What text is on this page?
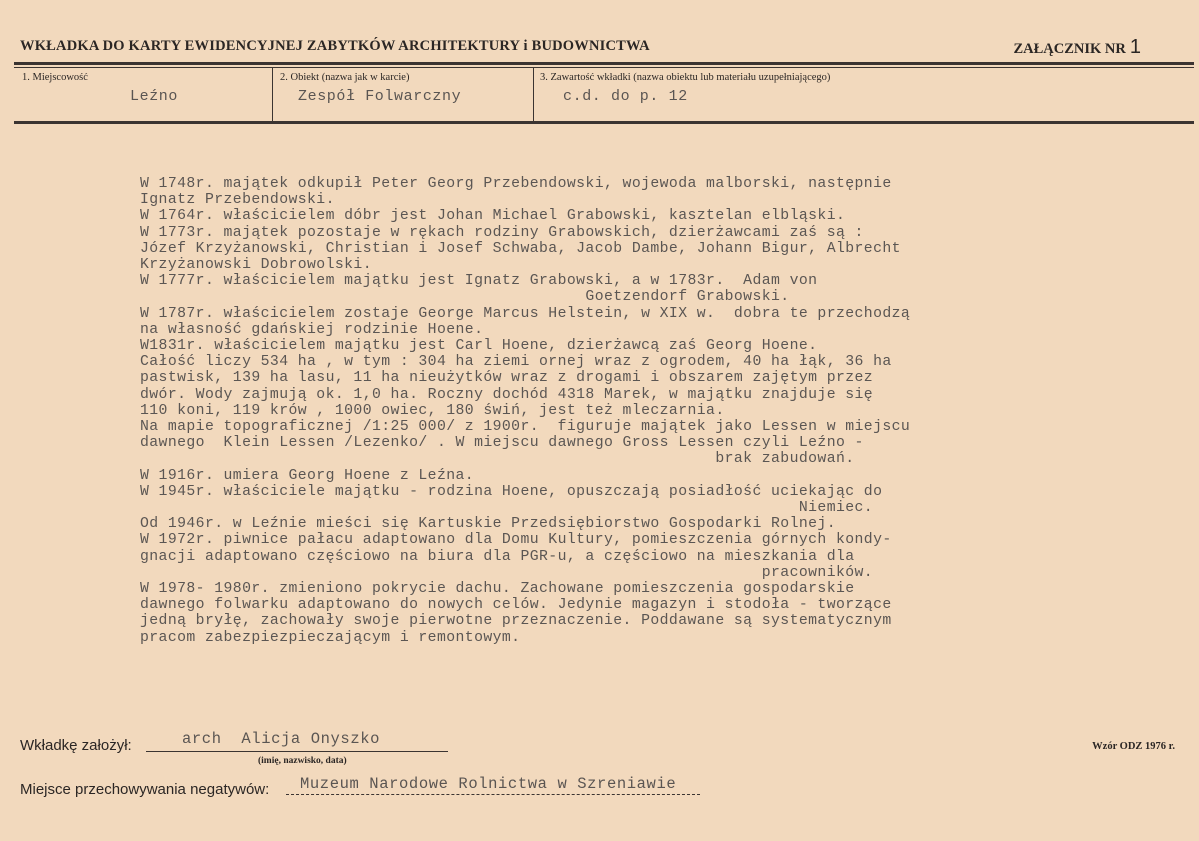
WKŁADKA DO KARTY EWIDENCYJNEJ ZABYTKÓW ARCHITEKTURY i BUDOWNICTWA	ZAŁĄCZNIK NR 1
1. Miejscowość
Leźno
2. Obiekt (nazwa jak w karcie)
Zespół Folwarczny
3. Zawartość wkładki (nazwa obiektu lub materiału uzupełniającego)
c.d. do p. 12
W 1748r. majątek odkupił Peter Georg Przebendowski, wojewoda malborski, następnie
Ignatz Przebendowski.
W 1764r. właścicielem dóbr jest Johan Michael Grabowski, kasztelan elbląski.
W 1773r. majątek pozostaje w rękach rodziny Grabowskich, dzierżawcami zaś są :
Józef Krzyżanowski, Christian i Josef Schwaba, Jacob Dambe, Johann Bigur, Albrecht
Krzyżanowski Dobrowolski.
W 1777r. właścicielem majątku jest Ignatz Grabowski, a w 1783r.  Adam von
Goetzendorf Grabowski.
W 1787r. właścicielem zostaje George Marcus Helstein, w XIX w.  dobra te przechodzą
na własność gdańskiej rodzinie Hoene.
W1831r. właścicielem majątku jest Carl Hoene, dzierżawcą zaś Georg Hoene.
Całość liczy 534 ha , w tym : 304 ha ziemi ornej wraz z ogrodem, 40 ha łąk, 36 ha
pastwisk, 139 ha lasu, 11 ha nieużytków wraz z drogami i obszarem zajętym przez
dwór. Wody zajmują ok. 1,0 ha. Roczny dochód 4318 Marek, w majątku znajduje się
110 koni, 119 krów , 1000 owiec, 180 świń, jest też mleczarnia.
Na mapie topograficznej /1:25 000/ z 1900r.  figuruje majątek jako Lessen w miejscu
dawnego  Klein Lessen /Lezenko/ . W miejscu dawnego Gross Lessen czyli Leźno -
brak zabudowań.
W 1916r. umiera Georg Hoene z Leźna.
W 1945r. właściciele majątku - rodzina Hoene, opuszczają posiadłość uciekając do
Niemiec.
Od 1946r. w Leźnie mieści się Kartuskie Przedsiębiorstwo Gospodarki Rolnej.
W 1972r. piwnice pałacu adaptowano dla Domu Kultury, pomieszczenia górnych kondy-
gnacji adaptowano częściowo na biura dla PGR-u, a częściowo na mieszkania dla
pracowników.
W 1978- 1980r. zmieniono pokrycie dachu. Zachowane pomieszczenia gospodarskie
dawnego folwarku adaptowano do nowych celów. Jedynie magazyn i stodoła - tworzące
jedną bryłę, zachowały swoje pierwotne przeznaczenie. Poddawane są systematycznym
pracom zabezpiezpieczającym i remontowym.
Wkładkę założył:	arch  Alicja Onyszko
(imię, nazwisko, data)
Wzór ODZ 1976 r.
Miejsce przechowywania negatywów: Muzeum Narodowe Rolnictwa w Szreniawie
